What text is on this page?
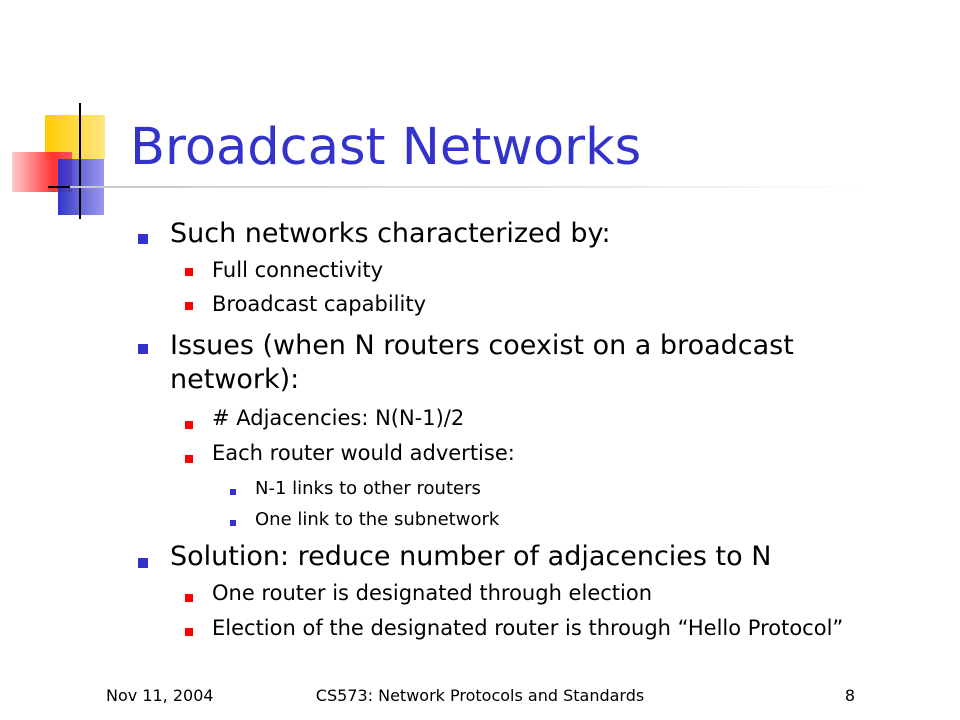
Broadcast Networks
Such networks characterized by:
Full connectivity
Broadcast capability
Issues (when N routers coexist on a broadcast
network):
# Adjacencies: N(N-1)/2
Each router would advertise:
N-1 links to other routers
One link to the subnetwork
Solution: reduce number of adjacencies to N
One router is designated through election
Election of the designated router is through “Hello Protocol”
Nov 11, 2004	CS573: Network Protocols and Standards	8
